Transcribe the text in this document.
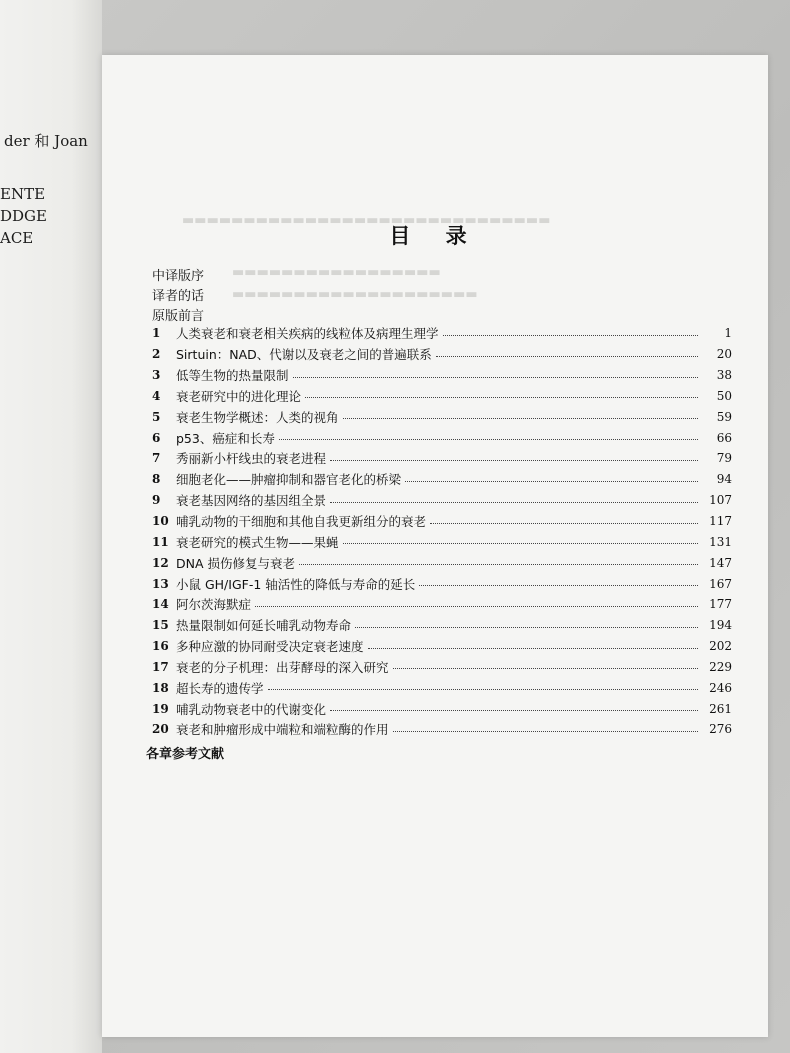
der 和 Joan
ENTE
DDGE
ACE
▬▬▬▬▬▬▬▬▬▬▬▬▬▬▬▬▬▬▬▬▬▬▬▬▬▬▬▬▬▬
▬▬▬▬▬▬▬▬▬▬▬▬▬▬▬▬▬
▬▬▬▬▬▬▬▬▬▬▬▬▬▬▬▬▬▬▬▬
目 录
中译版序
译者的话
原版前言
1	人类衰老和衰老相关疾病的线粒体及病理生理学	1
2	Sirtuin：NAD、代谢以及衰老之间的普遍联系	20
3	低等生物的热量限制	38
4	衰老研究中的进化理论	50
5	衰老生物学概述：人类的视角	59
6	p53、癌症和长寿	66
7	秀丽新小杆线虫的衰老进程	79
8	细胞老化——肿瘤抑制和器官老化的桥梁	94
9	衰老基因网络的基因组全景	107
10 哺乳动物的干细胞和其他自我更新组分的衰老	117
11 衰老研究的模式生物——果蝇	131
12 DNA 损伤修复与衰老	147
13 小鼠 GH/IGF-1 轴活性的降低与寿命的延长	167
14 阿尔茨海默症	177
15 热量限制如何延长哺乳动物寿命	194
16 多种应激的协同耐受决定衰老速度	202
17 衰老的分子机理：出芽酵母的深入研究	229
18 超长寿的遗传学	246
19 哺乳动物衰老中的代谢变化	261
20 衰老和肿瘤形成中端粒和端粒酶的作用	276
各章参考文献
